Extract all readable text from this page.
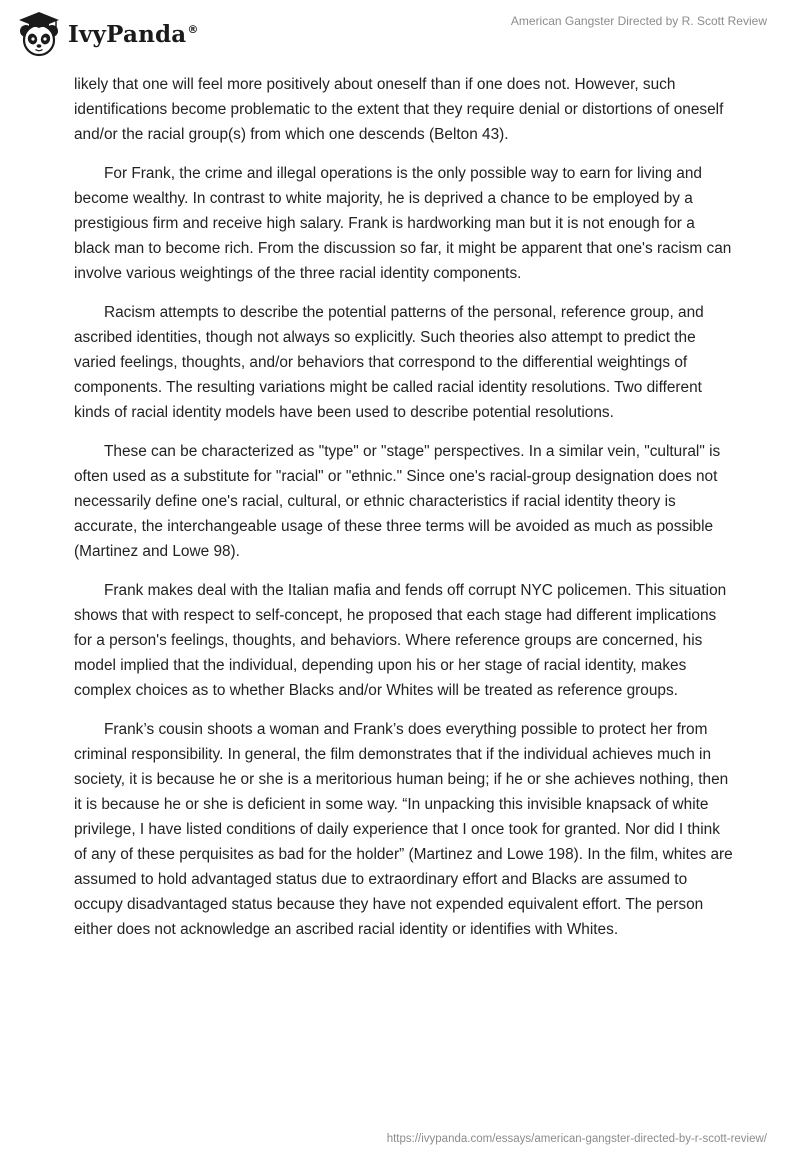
IvyPanda®
American Gangster Directed by R. Scott Review

likely that one will feel more positively about oneself than if one does not. However, such identifications become problematic to the extent that they require denial or distortions of oneself and/or the racial group(s) from which one descends (Belton 43).

For Frank, the crime and illegal operations is the only possible way to earn for living and become wealthy. In contrast to white majority, he is deprived a chance to be employed by a prestigious firm and receive high salary. Frank is hardworking man but it is not enough for a black man to become rich. From the discussion so far, it might be apparent that one's racism can involve various weightings of the three racial identity components.

Racism attempts to describe the potential patterns of the personal, reference group, and ascribed identities, though not always so explicitly. Such theories also attempt to predict the varied feelings, thoughts, and/or behaviors that correspond to the differential weightings of components. The resulting variations might be called racial identity resolutions. Two different kinds of racial identity models have been used to describe potential resolutions.

These can be characterized as "type" or "stage" perspectives. In a similar vein, "cultural" is often used as a substitute for "racial" or "ethnic." Since one's racial-group designation does not necessarily define one's racial, cultural, or ethnic characteristics if racial identity theory is accurate, the interchangeable usage of these three terms will be avoided as much as possible (Martinez and Lowe 98).

Frank makes deal with the Italian mafia and fends off corrupt NYC policemen. This situation shows that with respect to self-concept, he proposed that each stage had different implications for a person's feelings, thoughts, and behaviors. Where reference groups are concerned, his model implied that the individual, depending upon his or her stage of racial identity, makes complex choices as to whether Blacks and/or Whites will be treated as reference groups.

Frank’s cousin shoots a woman and Frank’s does everything possible to protect her from criminal responsibility. In general, the film demonstrates that if the individual achieves much in society, it is because he or she is a meritorious human being; if he or she achieves nothing, then it is because he or she is deficient in some way. “In unpacking this invisible knapsack of white privilege, I have listed conditions of daily experience that I once took for granted. Nor did I think of any of these perquisites as bad for the holder” (Martinez and Lowe 198). In the film, whites are assumed to hold advantaged status due to extraordinary effort and Blacks are assumed to occupy disadvantaged status because they have not expended equivalent effort. The person either does not acknowledge an ascribed racial identity or identifies with Whites.

https://ivypanda.com/essays/american-gangster-directed-by-r-scott-review/
